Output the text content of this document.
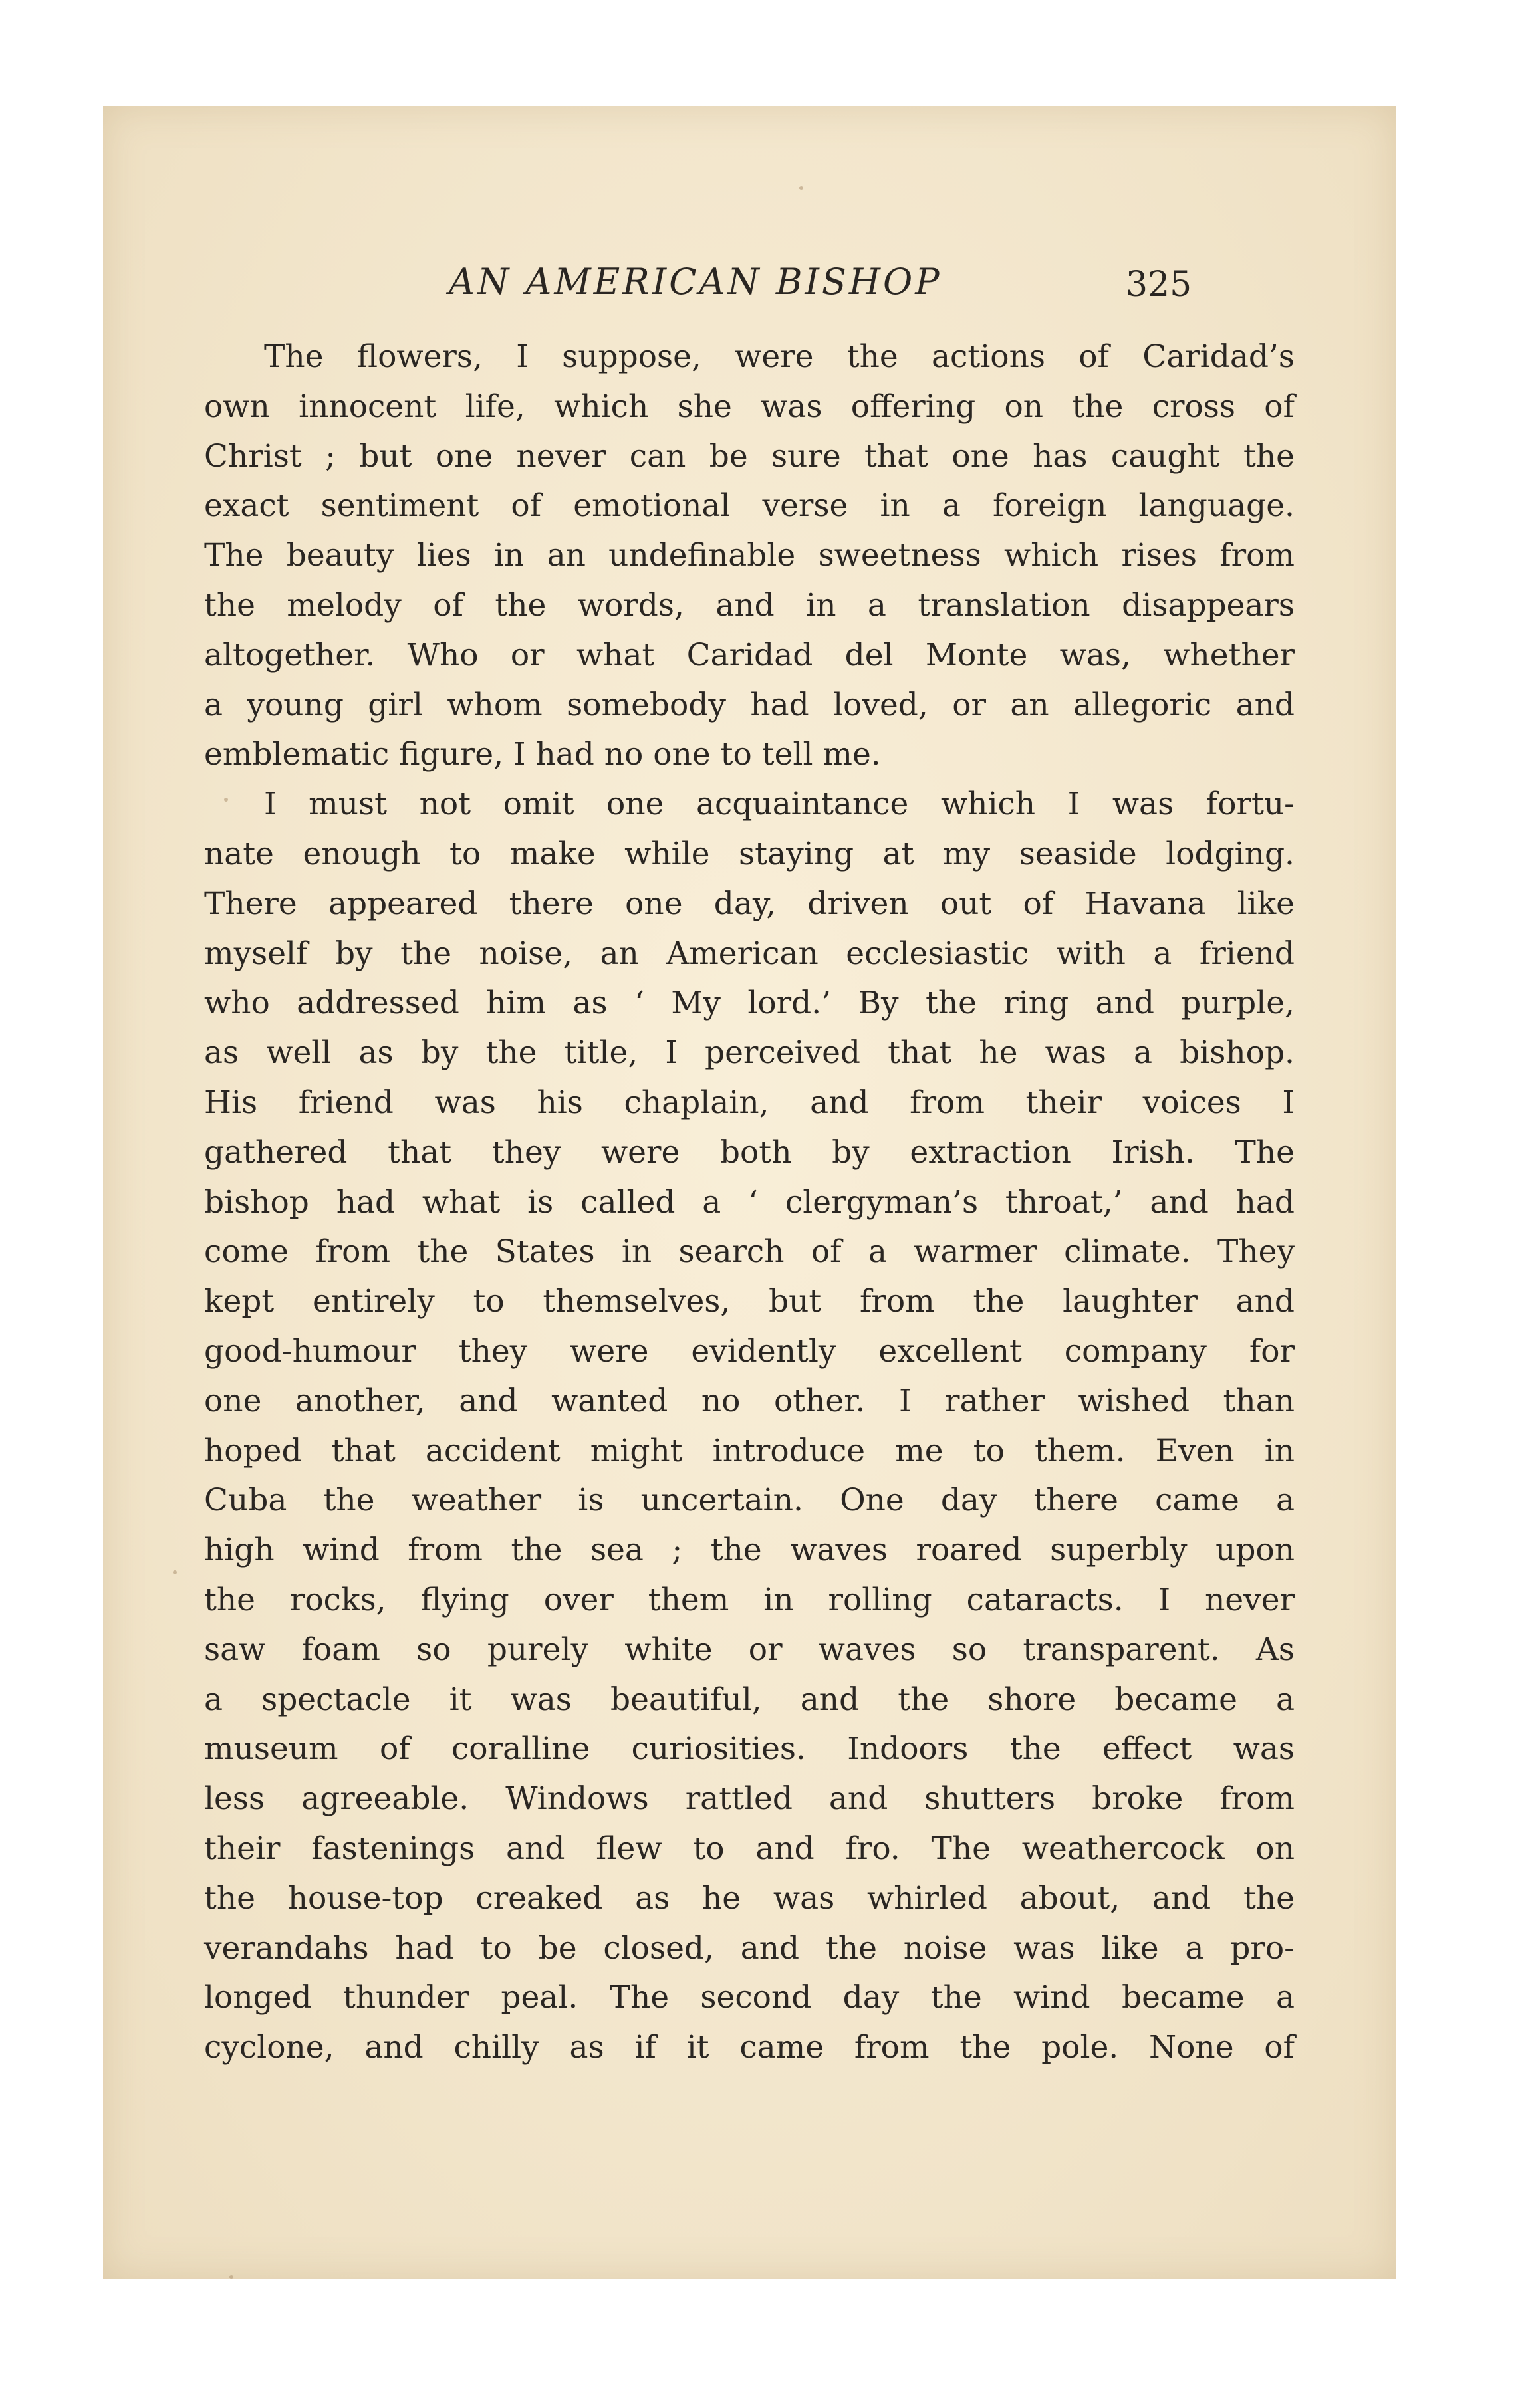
AN AMERICAN BISHOP	325
The flowers, I suppose, were the actions of Caridad’s
own innocent life, which she was offering on the cross of
Christ ; but one never can be sure that one has caught the
exact sentiment of emotional verse in a foreign language.
The beauty lies in an undefinable sweetness which rises from
the melody of the words, and in a translation disappears
altogether. Who or what Caridad del Monte was, whether
a young girl whom somebody had loved, or an allegoric and
emblematic figure, I had no one to tell me.
I must not omit one acquaintance which I was fortu-
nate enough to make while staying at my seaside lodging.
There appeared there one day, driven out of Havana like
myself by the noise, an American ecclesiastic with a friend
who addressed him as ‘ My lord.’ By the ring and purple,
as well as by the title, I perceived that he was a bishop.
His friend was his chaplain, and from their voices I
gathered that they were both by extraction Irish. The
bishop had what is called a ‘ clergyman’s throat,’ and had
come from the States in search of a warmer climate. They
kept entirely to themselves, but from the laughter and
good-humour they were evidently excellent company for
one another, and wanted no other. I rather wished than
hoped that accident might introduce me to them. Even in
Cuba the weather is uncertain. One day there came a
high wind from the sea ; the waves roared superbly upon
the rocks, flying over them in rolling cataracts. I never
saw foam so purely white or waves so transparent. As
a spectacle it was beautiful, and the shore became a
museum of coralline curiosities. Indoors the effect was
less agreeable. Windows rattled and shutters broke from
their fastenings and flew to and fro. The weathercock on
the house-top creaked as he was whirled about, and the
verandahs had to be closed, and the noise was like a pro-
longed thunder peal. The second day the wind became a
cyclone, and chilly as if it came from the pole. None of
